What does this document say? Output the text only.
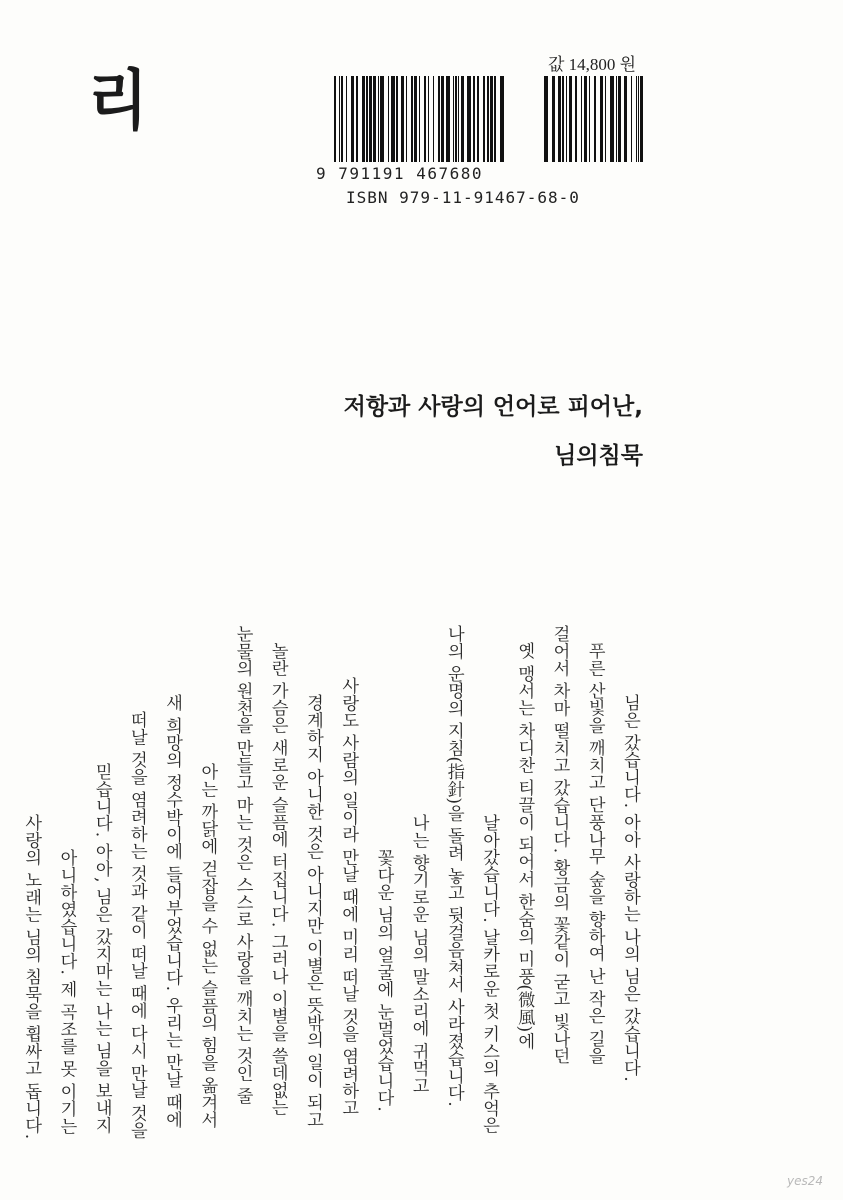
리	값 14,800 원
9 791191 467680
ISBN 979-11-91467-68-0
저항과 사랑의 언어로 피어난,
님의침묵
님은 갔습니다. 아아 사랑하는 나의 님은 갔습니다.
푸른 산빛을 깨치고 단풍나무 숲을 향하여 난 작은 길을
걸어서 차마 떨치고 갔습니다. 황금의 꽃같이 굳고 빛나던
옛 맹서는 차디찬 티끌이 되어서 한숨의 미풍(微風)에
날아갔습니다. 날카로운 첫 키스의 추억은
나의 운명의 지침(指針)을 돌려 놓고 뒷걸음쳐서 사라졌습니다.
나는 향기로운 님의 말소리에 귀먹고
꽃다운 님의 얼굴에 눈멀었습니다.
사랑도 사람의 일이라 만날 때에 미리 떠날 것을 염려하고
경계하지 아니한 것은 아니지만 이별은 뜻밖의 일이 되고
놀란 가슴은 새로운 슬픔에 터집니다. 그러나 이별을 쓸데없는
눈물의 원천을 만들고 마는 것은 스스로 사랑을 깨치는 것인 줄
아는 까닭에 걷잡을 수 없는 슬픔의 힘을 옮겨서
새 희망의 정수박이에 들어부었습니다. 우리는 만날 때에
떠날 것을 염려하는 것과 같이 떠날 때에 다시 만날 것을
믿습니다. 아아, 님은 갔지마는 나는 님을 보내지
아니하였습니다. 제 곡조를 못 이기는
사랑의 노래는 님의 침묵을 휩싸고 돕니다.
yes24
